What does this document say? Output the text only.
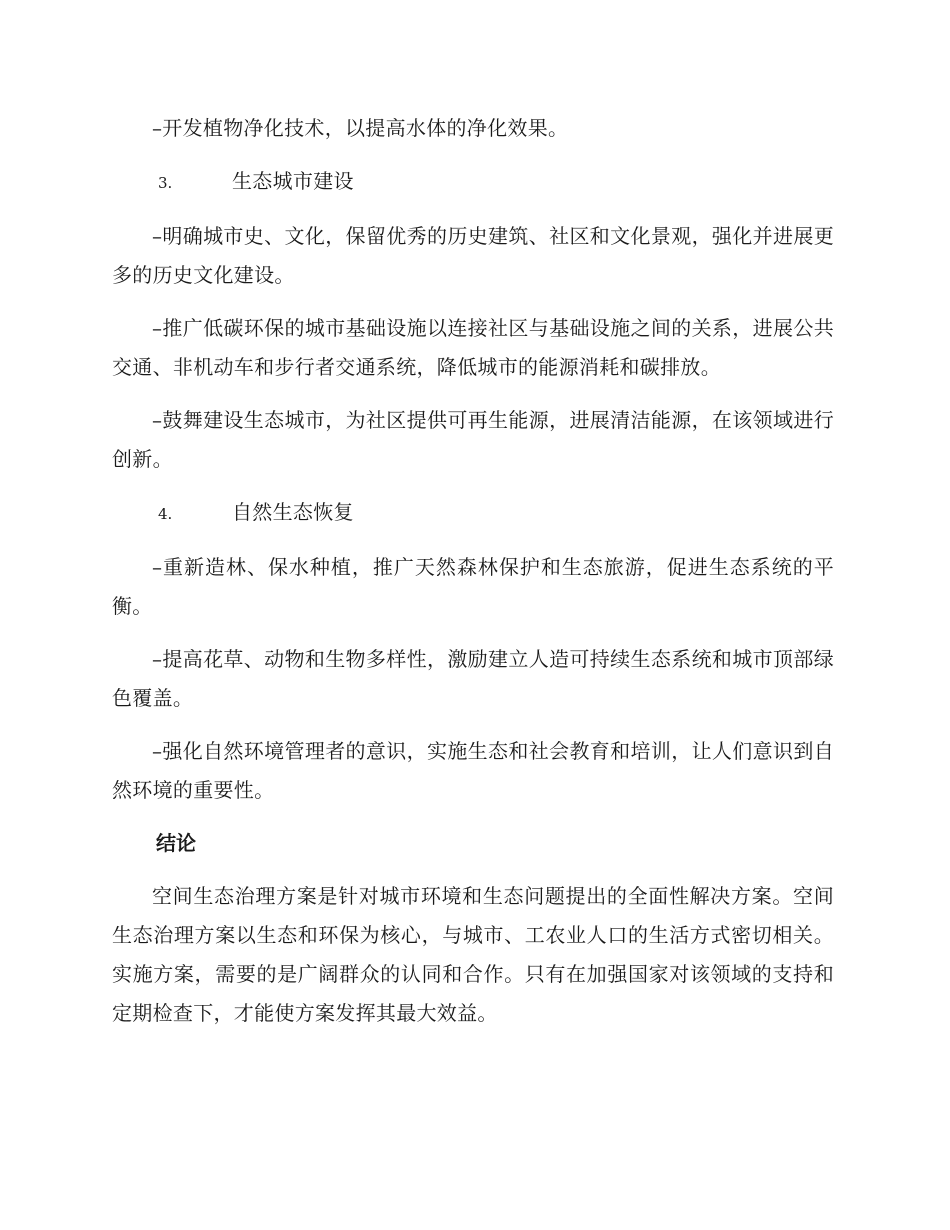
–开发植物净化技术，以提高水体的净化效果。

3.	生态城市建设

–明确城市史、文化，保留优秀的历史建筑、社区和文化景观，强化并进展更多的历史文化建设。

–推广低碳环保的城市基础设施以连接社区与基础设施之间的关系，进展公共交通、非机动车和步行者交通系统，降低城市的能源消耗和碳排放。

–鼓舞建设生态城市，为社区提供可再生能源，进展清洁能源，在该领域进行创新。

4.	自然生态恢复

–重新造林、保水种植，推广天然森林保护和生态旅游，促进生态系统的平衡。

–提高花草、动物和生物多样性，激励建立人造可持续生态系统和城市顶部绿色覆盖。

–强化自然环境管理者的意识，实施生态和社会教育和培训，让人们意识到自然环境的重要性。

结论

空间生态治理方案是针对城市环境和生态问题提出的全面性解决方案。空间生态治理方案以生态和环保为核心，与城市、工农业人口的生活方式密切相关。实施方案，需要的是广阔群众的认同和合作。只有在加强国家对该领域的支持和定期检查下，才能使方案发挥其最大效益。
